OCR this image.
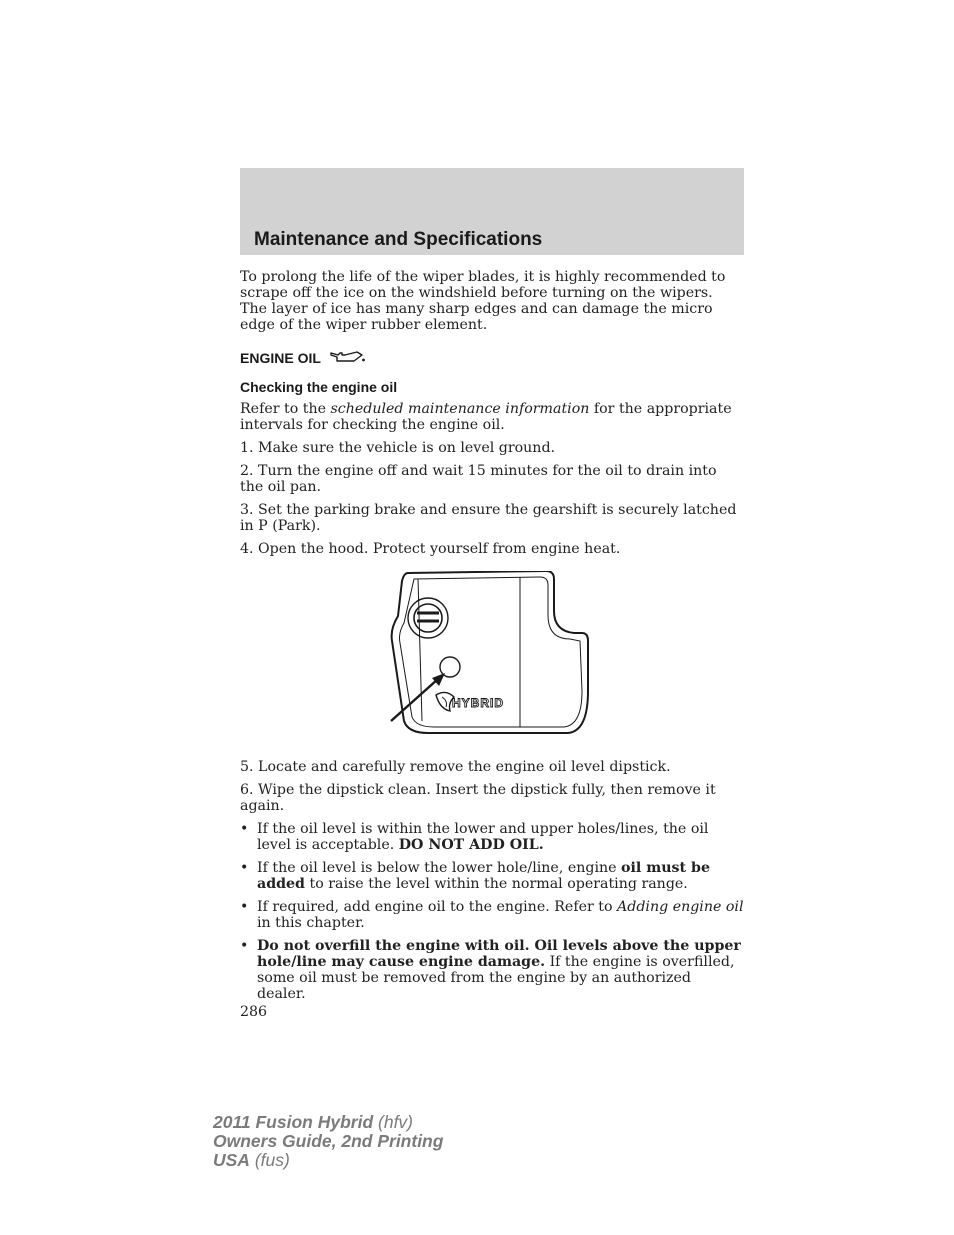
Maintenance and Specifications

To prolong the life of the wiper blades, it is highly recommended to scrape off the ice on the windshield before turning on the wipers. The layer of ice has many sharp edges and can damage the micro edge of the wiper rubber element.

ENGINE OIL
Checking the engine oil

Refer to the scheduled maintenance information for the appropriate intervals for checking the engine oil.

1. Make sure the vehicle is on level ground.

2. Turn the engine off and wait 15 minutes for the oil to drain into the oil pan.

3. Set the parking brake and ensure the gearshift is securely latched in P (Park).

4. Open the hood. Protect yourself from engine heat.

HYBRID

5. Locate and carefully remove the engine oil level dipstick.

6. Wipe the dipstick clean. Insert the dipstick fully, then remove it again.

• If the oil level is within the lower and upper holes/lines, the oil level is acceptable. DO NOT ADD OIL.
• If the oil level is below the lower hole/line, engine oil must be added to raise the level within the normal operating range.
• If required, add engine oil to the engine. Refer to Adding engine oil in this chapter.
• Do not overfill the engine with oil. Oil levels above the upper hole/line may cause engine damage. If the engine is overfilled, some oil must be removed from the engine by an authorized dealer.
286
2011 Fusion Hybrid (hfv)
Owners Guide, 2nd Printing
USA (fus)
